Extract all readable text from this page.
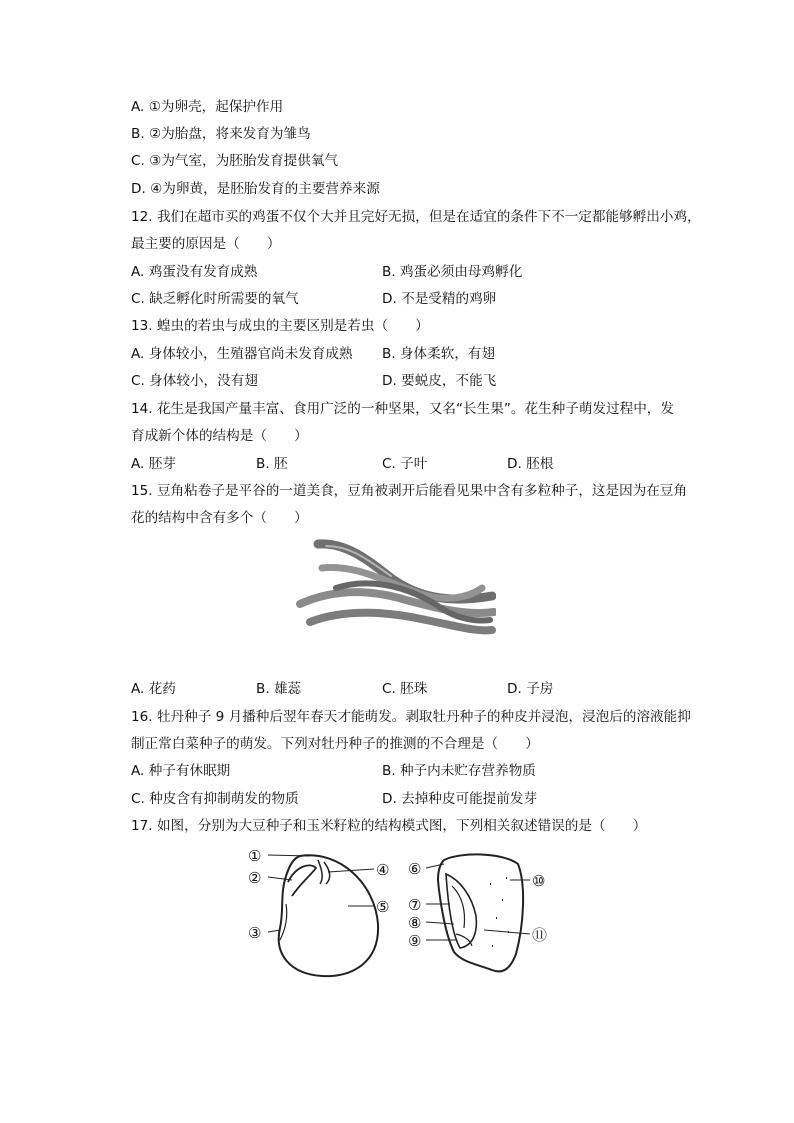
A. ①为卵壳，起保护作用
B. ②为胎盘，将来发育为雏鸟
C. ③为气室，为胚胎发育提供氧气
D. ④为卵黄，是胚胎发育的主要营养来源
12. 我们在超市买的鸡蛋不仅个大并且完好无损，但是在适宜的条件下不一定都能够孵出小鸡，
最主要的原因是（　　）
A. 鸡蛋没有发育成熟	B. 鸡蛋必须由母鸡孵化
C. 缺乏孵化时所需要的氧气	D. 不是受精的鸡卵
13. 蝗虫的若虫与成虫的主要区别是若虫（　　）
A. 身体较小，生殖器官尚未发育成熟 B. 身体柔软，有翅
C. 身体较小，没有翅	D. 要蜕皮，不能飞
14. 花生是我国产量丰富、食用广泛的一种坚果，又名“长生果”。花生种子萌发过程中，发
育成新个体的结构是（　　）
A. 胚芽	B. 胚	C. 子叶	D. 胚根
15. 豆角粘卷子是平谷的一道美食，豆角被剥开后能看见果中含有多粒种子，这是因为在豆角
花的结构中含有多个（　　）
A. 花药	B. 雄蕊	C. 胚珠	D. 子房
16. 牡丹种子 9 月播种后翌年春天才能萌发。剥取牡丹种子的种皮并浸泡，浸泡后的溶液能抑
制正常白菜种子的萌发。下列对牡丹种子的推测的不合理是（　　）
A. 种子有休眠期	B. 种子内未贮存营养物质
C. 种皮含有抑制萌发的物质	D. 去掉种皮可能提前发芽
17. 如图，分别为大豆种子和玉米籽粒的结构模式图，下列相关叙述错误的是（　　）
①
②
③
④
⑤
⑥
⑦
⑧
⑨
⑩
⑪
